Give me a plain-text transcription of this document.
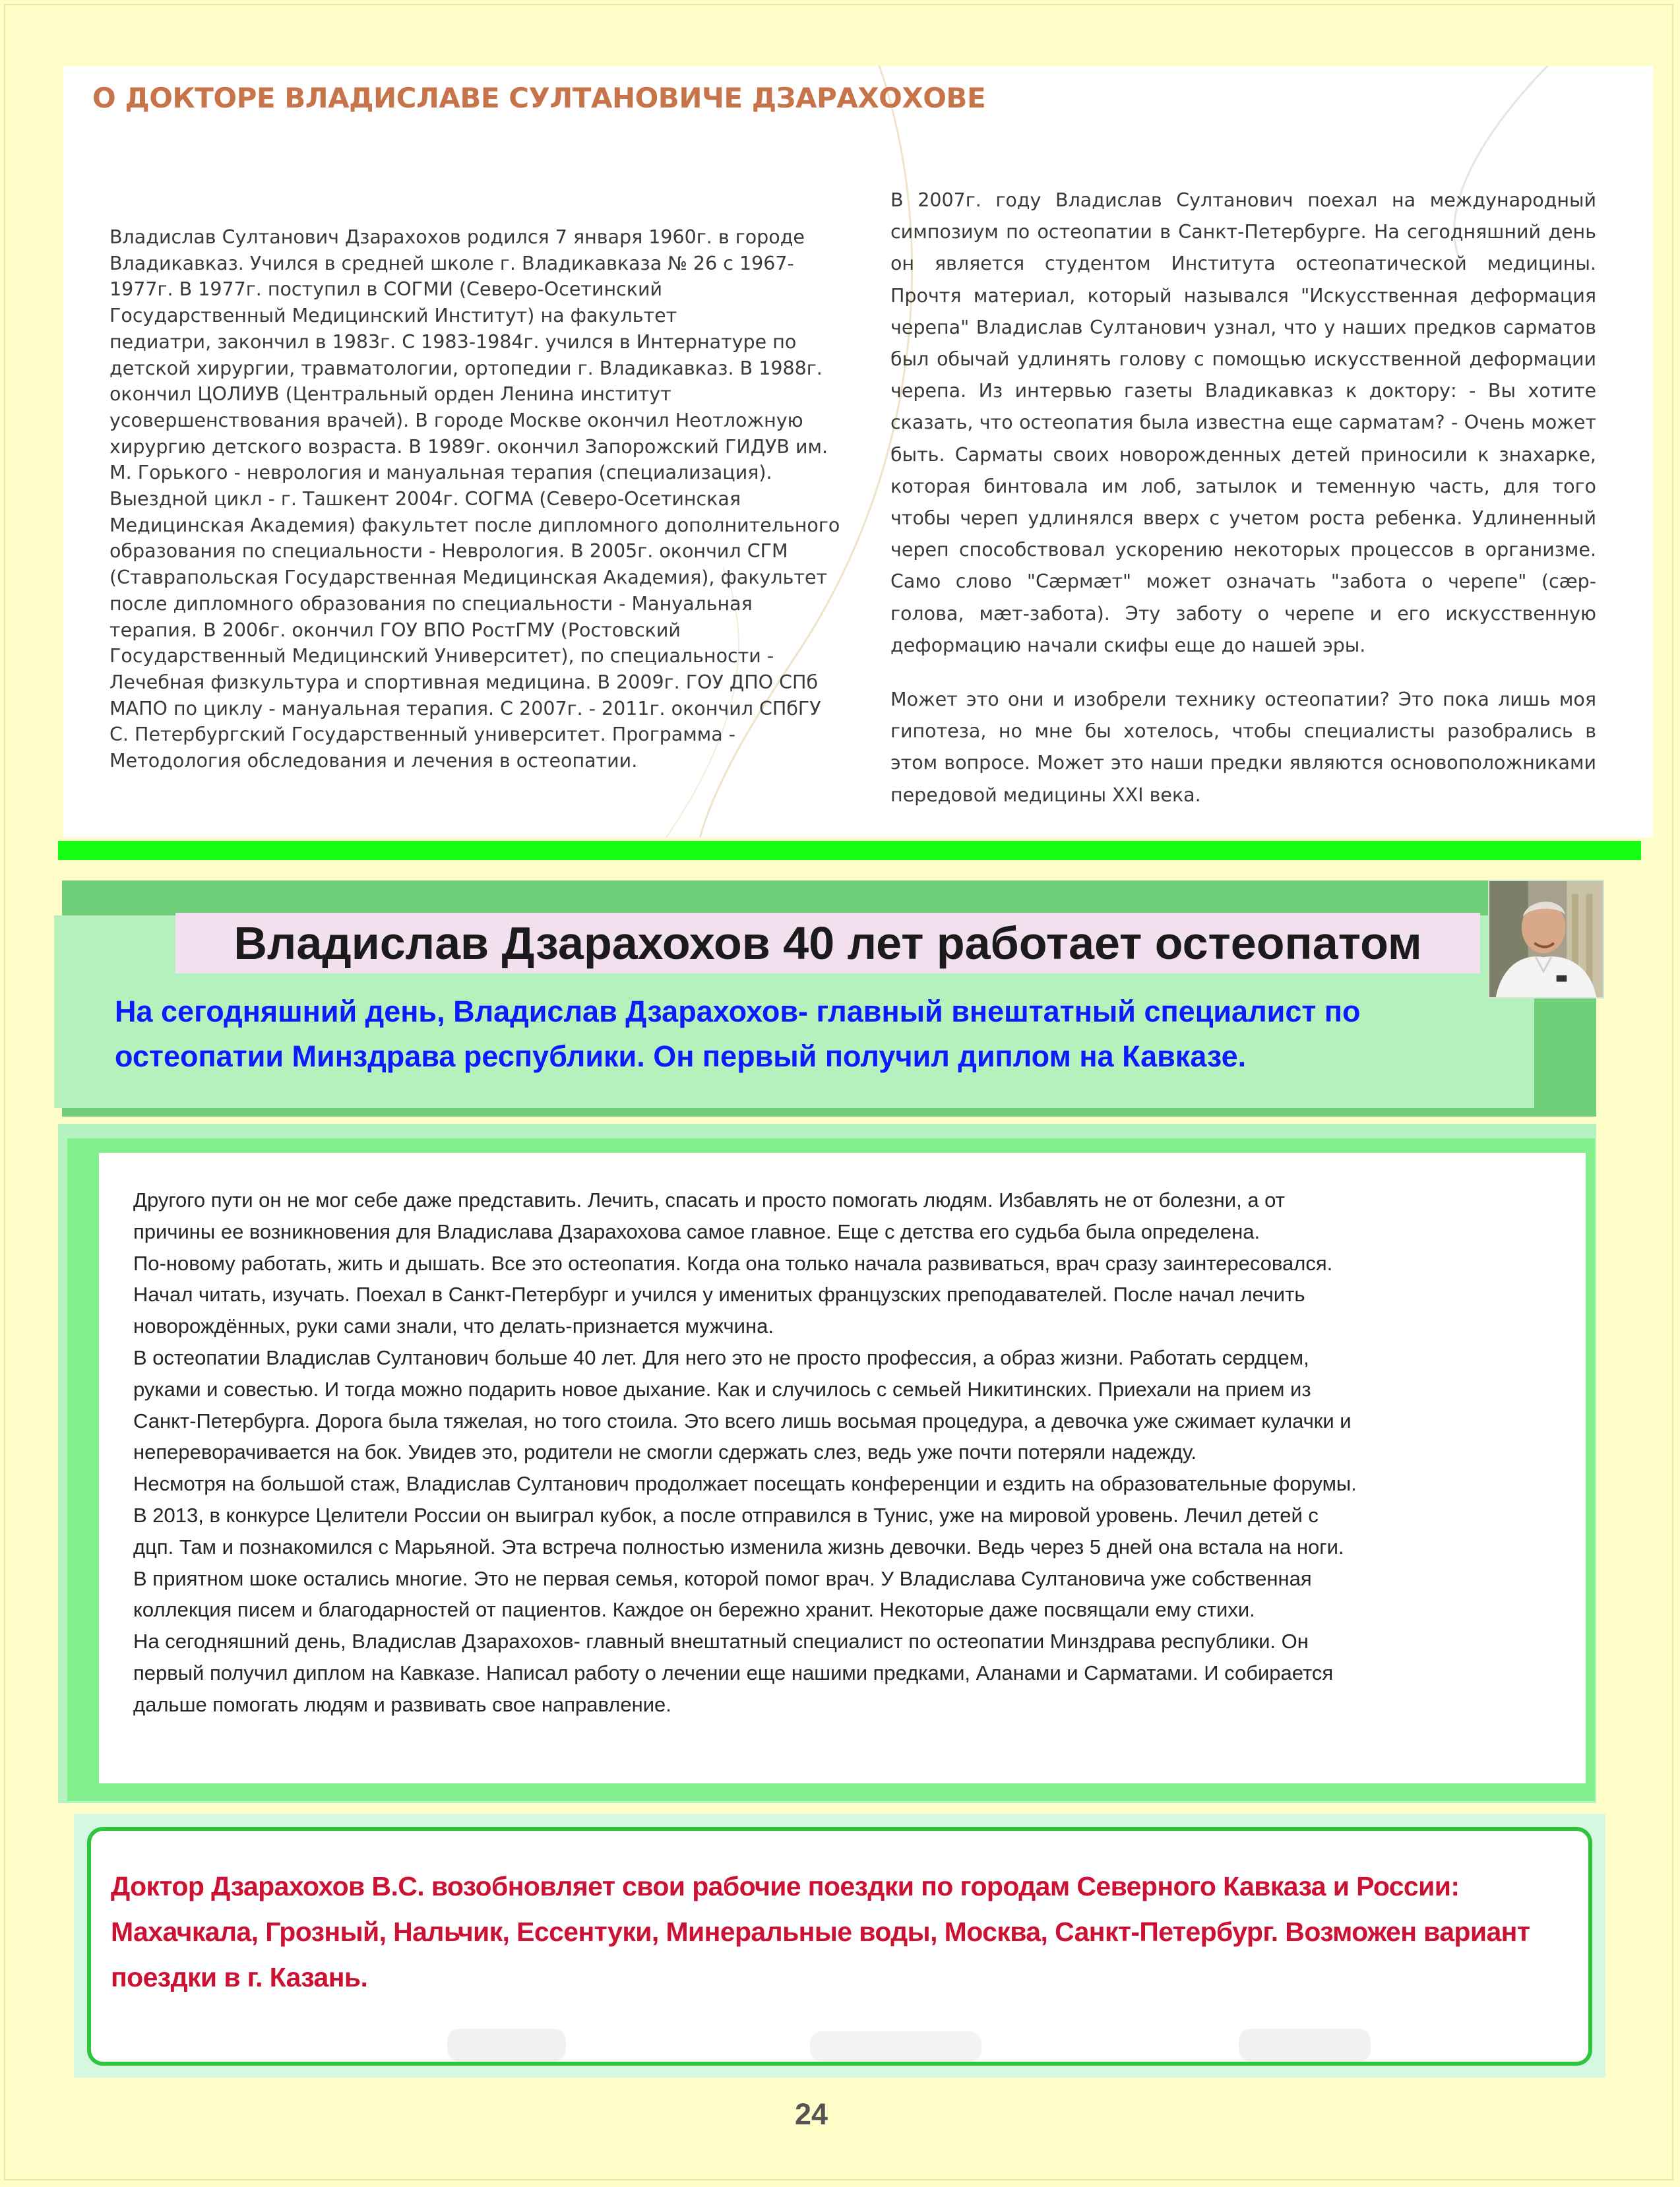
О ДОКТОРЕ ВЛАДИСЛАВЕ СУЛТАНОВИЧЕ ДЗАРАХОХОВЕ
Владислав Султанович Дзарахохов родился 7 января 1960г. в городе
Владикавказ. Учился в средней школе г. Владикавказа № 26 с 1967-
1977г. В 1977г. поступил в СОГМИ (Северо-Осетинский
Государственный Медицинский Институт) на факультет
педиатри, закончил в 1983г. С 1983-1984г. учился в Интернатуре по
детской хирургии, травматологии, ортопедии г. Владикавказ. В 1988г.
окончил ЦОЛИУВ (Центральный орден Ленина институт
усовершенствования врачей). В городе Москве окончил Неотложную
хирургию детского возраста. В 1989г. окончил Запорожский ГИДУВ им.
М. Горького - неврология и мануальная терапия (специализация).
Выездной цикл - г. Ташкент 2004г. СОГМА (Северо-Осетинская
Медицинская Академия) факультет после дипломного дополнительного
образования по специальности - Неврология. В 2005г. окончил СГМ
(Ставрапольская Государственная Медицинская Академия), факультет
после дипломного образования по специальности - Мануальная
терапия. В 2006г. окончил ГОУ ВПО РостГМУ (Ростовский
Государственный Медицинский Университет), по специальности -
Лечебная физкультура и спортивная медицина. В 2009г. ГОУ ДПО СПб
МАПО по циклу - мануальная терапия. С 2007г. - 2011г. окончил СПбГУ
С. Петербургский Государственный университет. Программа -
Методология обследования и лечения в остеопатии.

В 2007г. году Владислав Султанович поехал на международный симпозиум по остеопатии в Санкт-Петербурге. На сегодняшний день он является студентом Института остеопатической медицины. Прочтя материал, который назывался "Искусственная деформация черепа" Владислав Султанович узнал, что у наших предков сарматов был обычай удлинять голову с помощью искусственной деформации черепа. Из интервью газеты Владикавказ к доктору: - Вы хотите сказать, что остеопатия была известна еще сарматам? - Очень может быть. Сарматы своих новорожденных детей приносили к знахарке, которая бинтовала им лоб, затылок и теменную часть, для того чтобы череп удлинялся вверх с учетом роста ребенка. Удлиненный череп способствовал ускорению некоторых процессов в организме. Само слово "Сæрмæт" может означать "забота о черепе" (сæр-голова, мæт-забота). Эту заботу о черепе и его искусственную деформацию начали скифы еще до нашей эры.

Может это они и изобрели технику остеопатии? Это пока лишь моя гипотеза, но мне бы хотелось, чтобы специалисты разобрались в этом вопросе. Может это наши предки являются основоположниками передовой медицины XXI века.

Владислав Дзарахохов 40 лет работает остеопатом

На сегодняшний день, Владислав Дзарахохов- главный внештатный специалист по остеопатии Минздрава республики. Он первый получил диплом на Кавказе.

Другого пути он не мог себе даже представить. Лечить, спасать и просто помогать людям. Избавлять не от болезни, а от
причины ее возникновения для Владислава Дзарахохова самое главное. Еще с детства его судьба была определена.
По-новому работать, жить и дышать. Все это остеопатия. Когда она только начала развиваться, врач сразу заинтересовался.
Начал читать, изучать. Поехал в Санкт-Петербург и учился у именитых французских преподавателей. После начал лечить
новорождённых, руки сами знали, что делать-признается мужчина.
В остеопатии Владислав Султанович больше 40 лет. Для него это не просто профессия, а образ жизни. Работать сердцем,
руками и совестью. И тогда можно подарить новое дыхание. Как и случилось с семьей Никитинских. Приехали на прием из
Санкт-Петербурга. Дорога была тяжелая, но того стоила. Это всего лишь восьмая процедура, а девочка уже сжимает кулачки и
непереворачивается на бок. Увидев это, родители не смогли сдержать слез, ведь уже почти потеряли надежду.
Несмотря на большой стаж, Владислав Султанович продолжает посещать конференции и ездить на образовательные форумы.
В 2013, в конкурсе Целители России он выиграл кубок, а после отправился в Тунис, уже на мировой уровень. Лечил детей с
дцп. Там и познакомился с Марьяной. Эта встреча полностью изменила жизнь девочки. Ведь через 5 дней она встала на ноги.
В приятном шоке остались многие. Это не первая семья, которой помог врач. У Владислава Султановича уже собственная
коллекция писем и благодарностей от пациентов. Каждое он бережно хранит. Некоторые даже посвящали ему стихи.
На сегодняшний день, Владислав Дзарахохов- главный внештатный специалист по остеопатии Минздрава республики. Он
первый получил диплом на Кавказе. Написал работу о лечении еще нашими предками, Аланами и Сарматами. И собирается
дальше помогать людям и развивать свое направление.

Доктор Дзарахохов В.С. возобновляет свои рабочие поездки по городам Северного Кавказа и России: Махачкала, Грозный, Нальчик, Ессентуки, Минеральные воды, Москва, Санкт-Петербург. Возможен вариант поездки в г. Казань.

24
